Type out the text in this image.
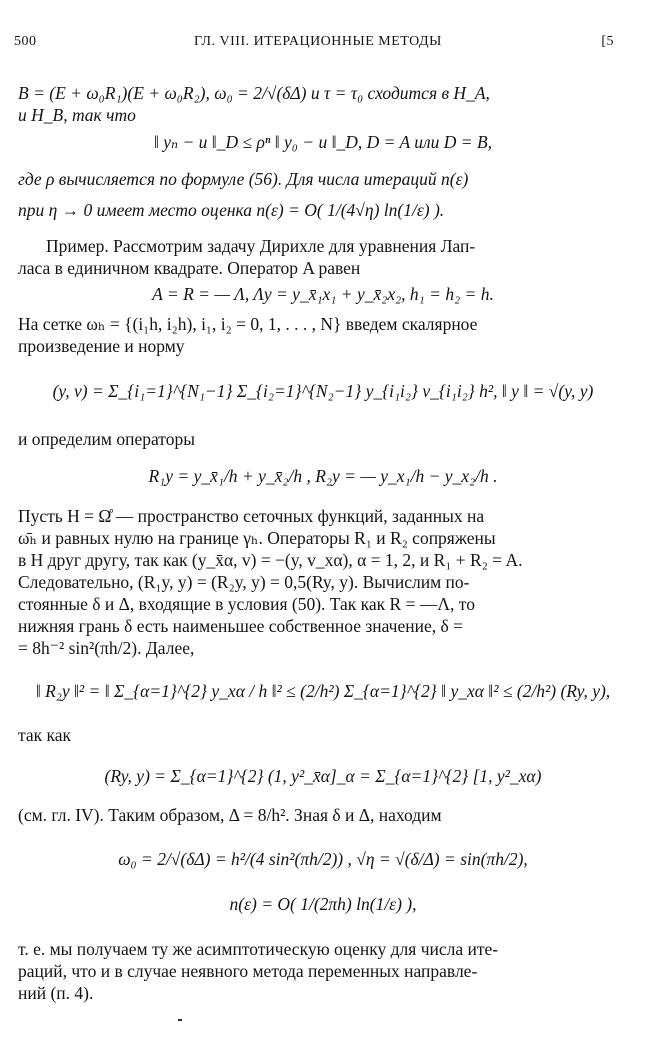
500	ГЛ. VIII. ИТЕРАЦИОННЫЕ МЕТОДЫ	[5
B = (E + ω₀R₁)(E + ω₀R₂), ω₀ = 2/√(δΔ) и τ = τ₀ сходится в H_A,
и H_B, так что
‖ yₙ − u ‖_D ≤ ρⁿ ‖ y₀ − u ‖_D, D = A или D = B,
где ρ вычисляется по формуле (56). Для числа итераций n(ε)
при η → 0 имеет место оценка n(ε) = O( 1/(4√η) ln(1/ε) ).
Пример. Рассмотрим задачу Дирихле для уравнения Лап-
ласа в единичном квадрате. Оператор A равен
A = R = — Λ, Λy = y_x̄₁x₁ + y_x̄₂x₂, h₁ = h₂ = h.
На сетке ωₕ = {(i₁h, i₂h), i₁, i₂ = 0, 1, . . . , N} введем скалярное
произведение и норму
(y, v) = Σ_{i₁=1}^{N₁−1} Σ_{i₂=1}^{N₂−1} y_{i₁i₂} v_{i₁i₂} h², ‖ y ‖ = √(y, y)
и определим операторы
R₁y = y_x̄₁/h + y_x̄₂/h , R₂y = — y_x₁/h − y_x₂/h .
Пусть H = Ω̊ — пространство сеточных функций, заданных на
ω̄ₕ и равных нулю на границе γₕ. Операторы R₁ и R₂ сопряжены
в H друг другу, так как (y_x̄α, v) = −(y, v_xα), α = 1, 2, и R₁ + R₂ = A.
Следовательно, (R₁y, y) = (R₂y, y) = 0,5(Ry, y). Вычислим по-
стоянные δ и Δ, входящие в условия (50). Так как R = —Λ, то
нижняя грань δ есть наименьшее собственное значение, δ =
= 8h⁻² sin²(πh/2). Далее,
‖ R₂y ‖² = ‖ Σ_{α=1}^{2} y_xα / h ‖² ≤ (2/h²) Σ_{α=1}^{2} ‖ y_xα ‖² ≤ (2/h²) (Ry, y),
так как
(Ry, y) = Σ_{α=1}^{2} (1, y²_x̄α]_α = Σ_{α=1}^{2} [1, y²_xα)
(см. гл. IV). Таким образом, Δ = 8/h². Зная δ и Δ, находим
ω₀ = 2/√(δΔ) = h²/(4 sin²(πh/2)) , √η = √(δ/Δ) = sin(πh/2),
n(ε) = O( 1/(2πh) ln(1/ε) ),
т. е. мы получаем ту же асимптотическую оценку для числа ите-
раций, что и в случае неявного метода переменных направле-
ний (п. 4).
